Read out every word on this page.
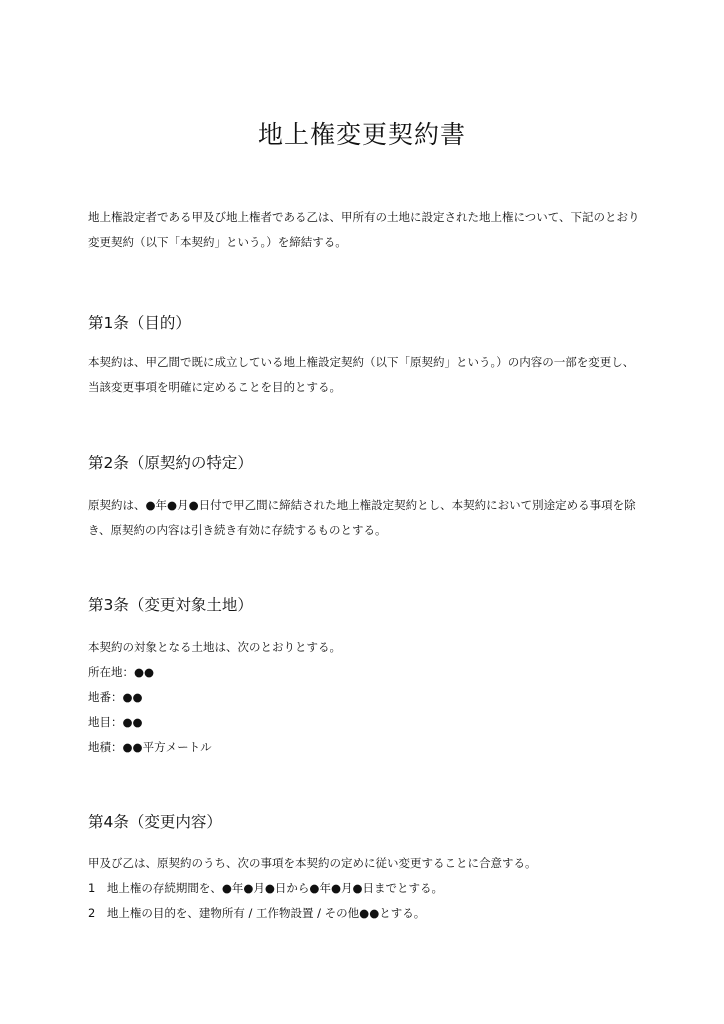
地上権変更契約書

地上権設定者である甲及び地上権者である乙は、甲所有の土地に設定された地上権について、下記のとおり変更契約（以下「本契約」という。）を締結する。

第1条（目的）

本契約は、甲乙間で既に成立している地上権設定契約（以下「原契約」という。）の内容の一部を変更し、当該変更事項を明確に定めることを目的とする。

第2条（原契約の特定）

原契約は、●年●月●日付で甲乙間に締結された地上権設定契約とし、本契約において別途定める事項を除き、原契約の内容は引き続き有効に存続するものとする。

第3条（変更対象土地）

本契約の対象となる土地は、次のとおりとする。

所在地：●●

地番：●●

地目：●●

地積：●●平方メートル

第4条（変更内容）

甲及び乙は、原契約のうち、次の事項を本契約の定めに従い変更することに合意する。

1　地上権の存続期間を、●年●月●日から●年●月●日までとする。

2　地上権の目的を、建物所有 / 工作物設置 / その他●●とする。
